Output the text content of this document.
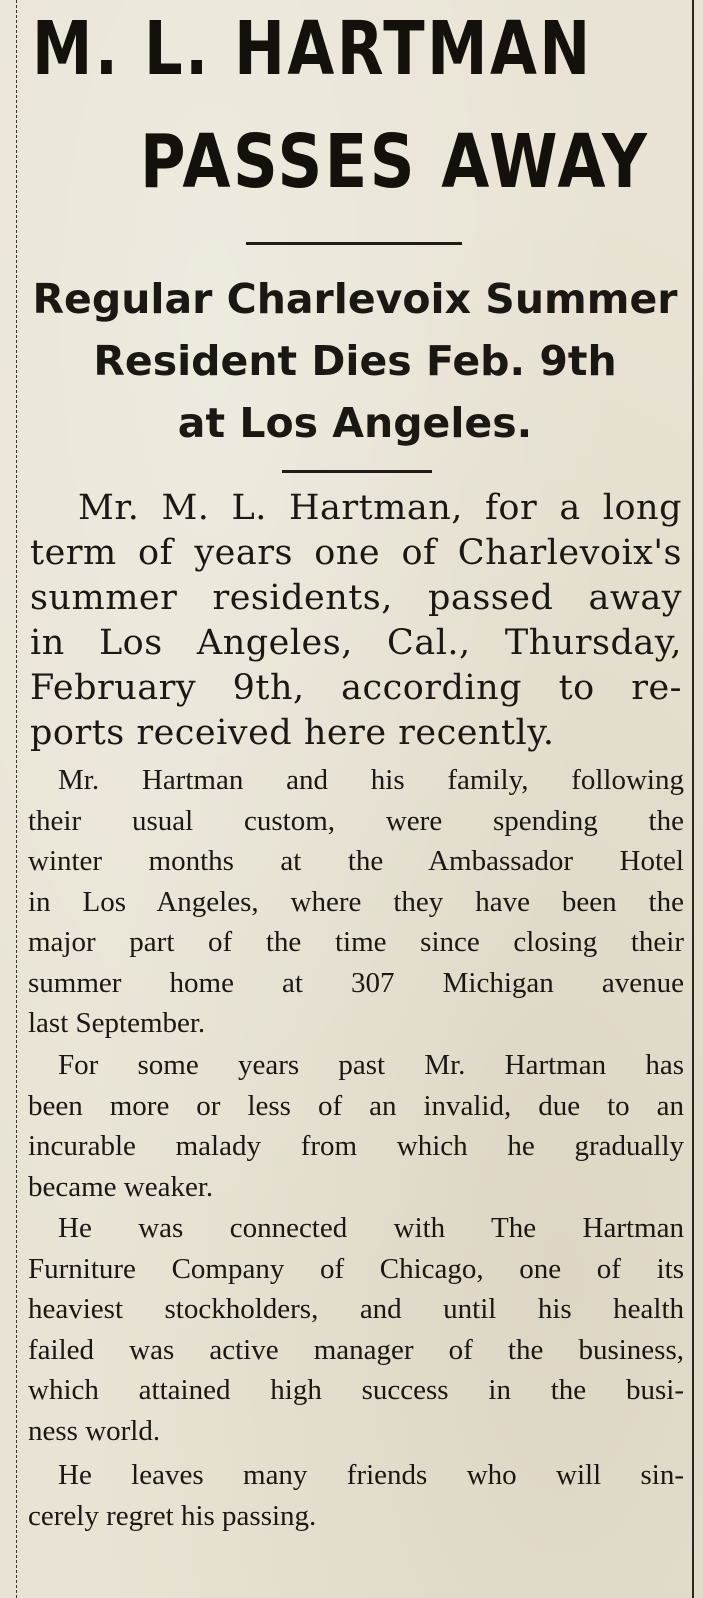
M. L. HARTMAN
PASSES AWAY
Regular Charlevoix Summer
Resident Dies Feb. 9th
at Los Angeles.
Mr. M. L. Hartman, for a long
term of years one of Charlevoix's
summer residents, passed away
in Los Angeles, Cal., Thursday,
February 9th, according to re-
ports received here recently.
Mr. Hartman and his family, following
their usual custom, were spending the
winter months at the Ambassador Hotel
in Los Angeles, where they have been the
major part of the time since closing their
summer home at 307 Michigan avenue
last September.
For some years past Mr. Hartman has
been more or less of an invalid, due to an
incurable malady from which he gradually
became weaker.
He was connected with The Hartman
Furniture Company of Chicago, one of its
heaviest stockholders, and until his health
failed was active manager of the business,
which attained high success in the busi-
ness world.
He leaves many friends who will sin-
cerely regret his passing.
